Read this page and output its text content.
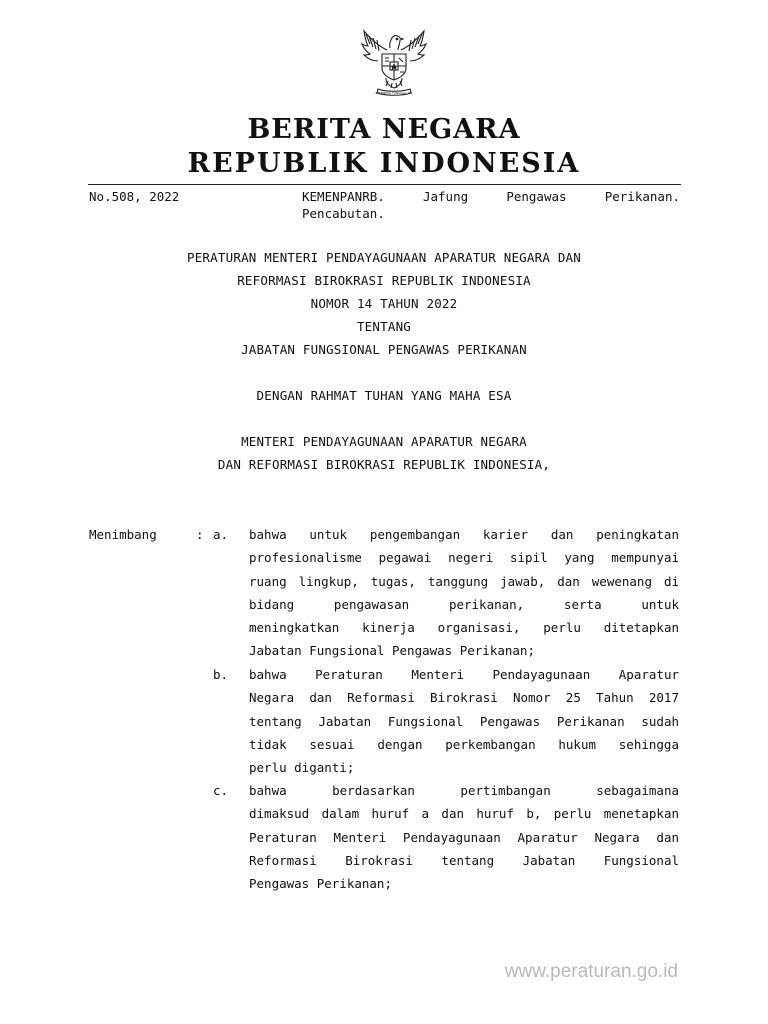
BHINNEKA TUNGGAL IKA
BERITA NEGARA
REPUBLIK INDONESIA
No.508, 2022	KEMENPANRB. Jafung Pengawas Perikanan.
Pencabutan.
PERATURAN MENTERI PENDAYAGUNAAN APARATUR NEGARA DAN
REFORMASI BIROKRASI REPUBLIK INDONESIA
NOMOR 14 TAHUN 2022
TENTANG
JABATAN FUNGSIONAL PENGAWAS PERIKANAN
DENGAN RAHMAT TUHAN YANG MAHA ESA
MENTERI PENDAYAGUNAAN APARATUR NEGARA
DAN REFORMASI BIROKRASI REPUBLIK INDONESIA,
Menimbang	: a. bahwa untuk pengembangan karier dan peningkatan
profesionalisme pegawai negeri sipil yang mempunyai
ruang lingkup, tugas, tanggung jawab, dan wewenang di
bidang pengawasan perikanan, serta untuk
meningkatkan kinerja organisasi, perlu ditetapkan
Jabatan Fungsional Pengawas Perikanan;
b. bahwa Peraturan Menteri Pendayagunaan Aparatur
Negara dan Reformasi Birokrasi Nomor 25 Tahun 2017
tentang Jabatan Fungsional Pengawas Perikanan sudah
tidak sesuai dengan perkembangan hukum sehingga
perlu diganti;
c. bahwa berdasarkan pertimbangan sebagaimana
dimaksud dalam huruf a dan huruf b, perlu menetapkan
Peraturan Menteri Pendayagunaan Aparatur Negara dan
Reformasi Birokrasi tentang Jabatan Fungsional
Pengawas Perikanan;
www.peraturan.go.id
